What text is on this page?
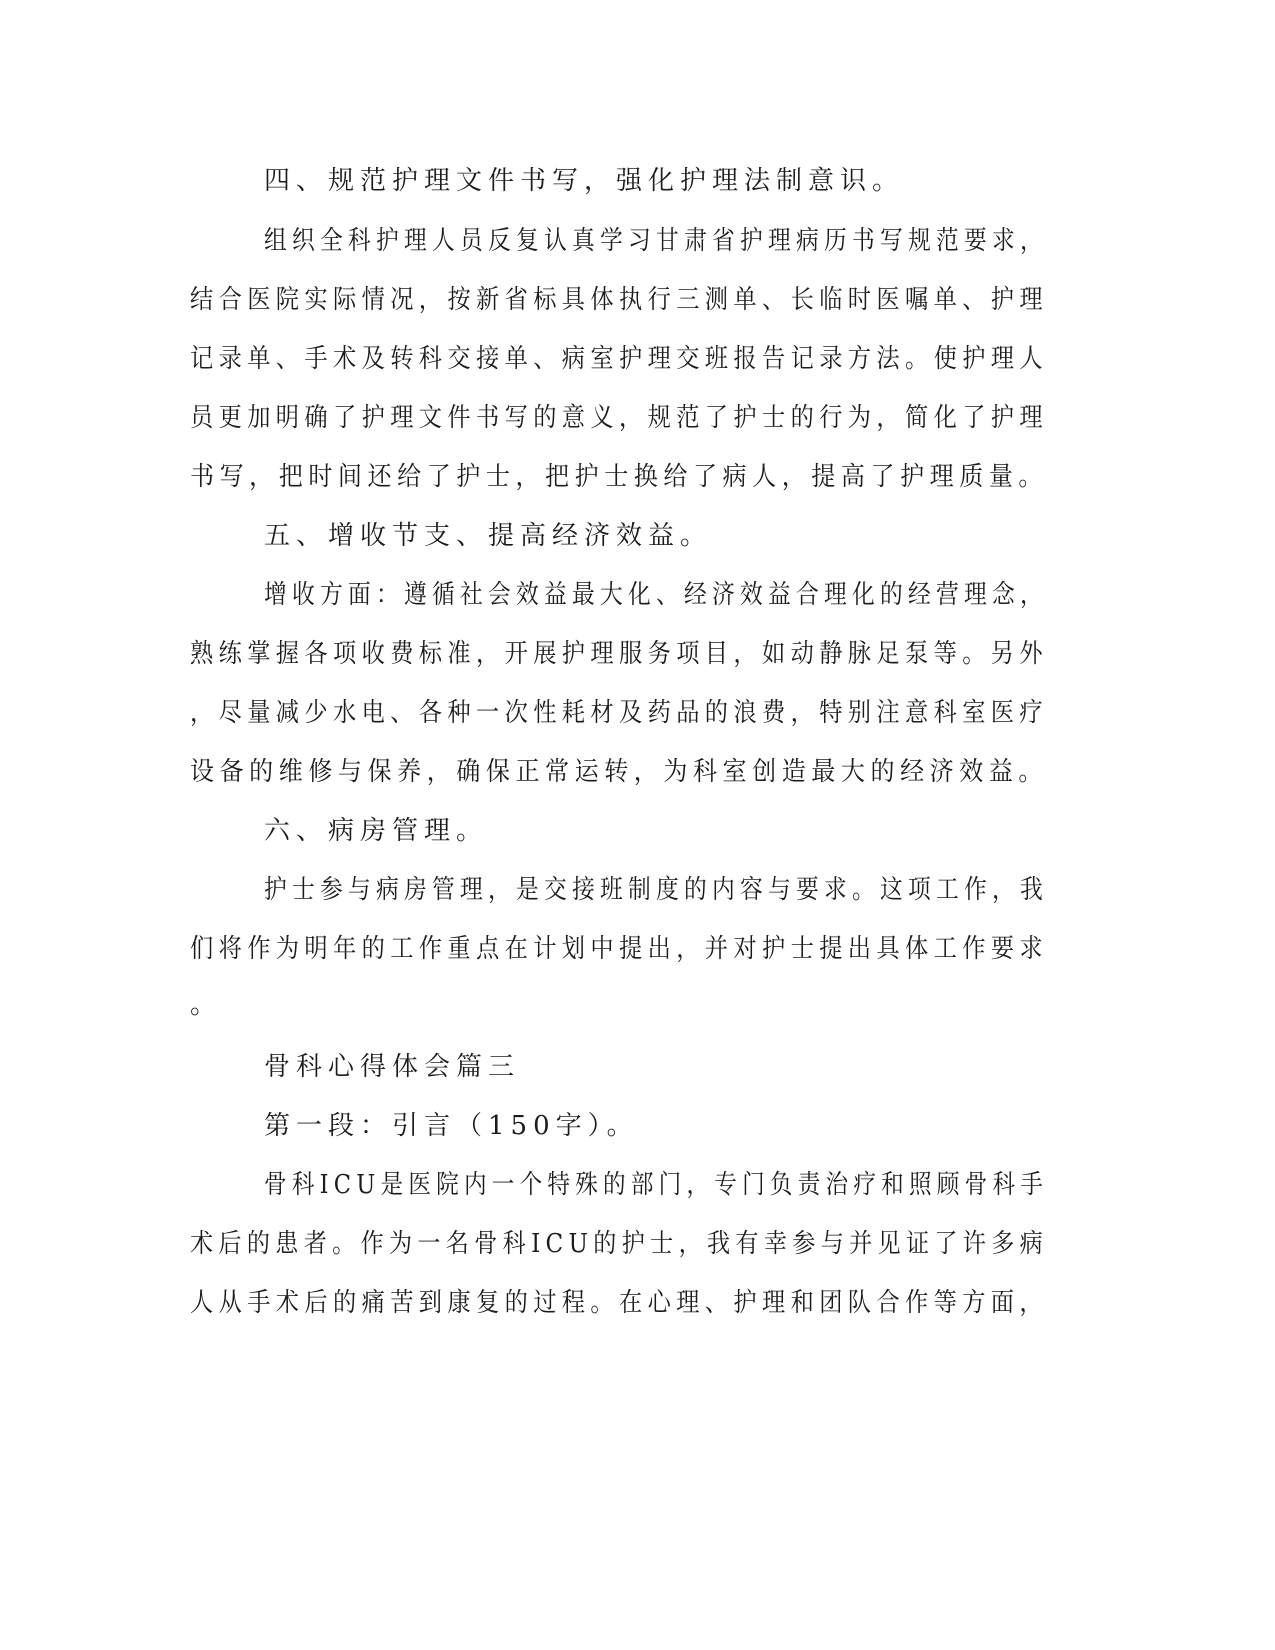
四、规范护理文件书写，强化护理法制意识。

组织全科护理人员反复认真学习甘肃省护理病历书写规范要求，

结合医院实际情况，按新省标具体执行三测单、长临时医嘱单、护理

记录单、手术及转科交接单、病室护理交班报告记录方法。使护理人

员更加明确了护理文件书写的意义，规范了护士的行为，简化了护理

书写，把时间还给了护士，把护士换给了病人，提高了护理质量。

五、增收节支、提高经济效益。

增收方面：遵循社会效益最大化、经济效益合理化的经营理念，

熟练掌握各项收费标准，开展护理服务项目，如动静脉足泵等。另外

，尽量减少水电、各种一次性耗材及药品的浪费，特别注意科室医疗

设备的维修与保养，确保正常运转，为科室创造最大的经济效益。

六、病房管理。

护士参与病房管理，是交接班制度的内容与要求。这项工作，我

们将作为明年的工作重点在计划中提出，并对护士提出具体工作要求

。

骨科心得体会篇三

第一段：引言（150字）。

骨科ICU是医院内一个特殊的部门，专门负责治疗和照顾骨科手

术后的患者。作为一名骨科ICU的护士，我有幸参与并见证了许多病

人从手术后的痛苦到康复的过程。在心理、护理和团队合作等方面，
